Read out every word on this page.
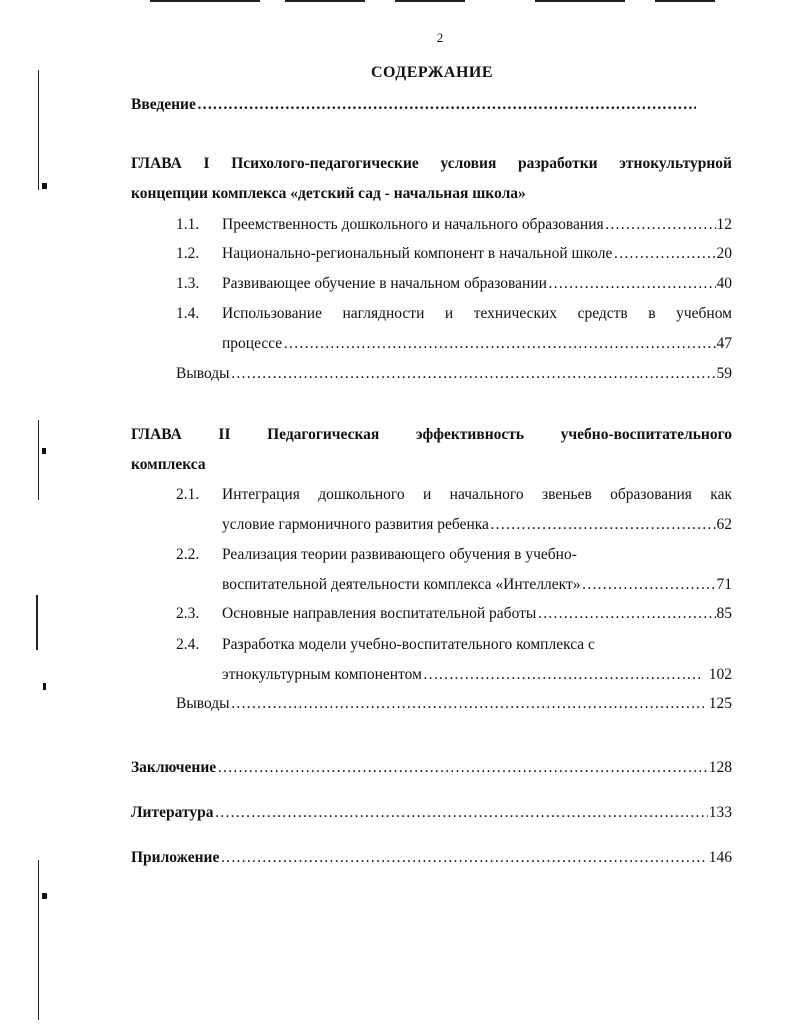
2
СОДЕРЖАНИЕ
Введение
……………………………………………………………………………………………………………………………………………………
ГЛАВА I Психолого-педагогические условия разработки этнокультурной
концепции комплекса «детский сад - начальная школа»
1.1.	Преемственность дошкольного и начального образования ……………………………………………………………………………………………………………………………………………………	12
1.2.	Национально-региональный компонент в начальной школе ……………………………………………………………………………………………………………………………………………………	20
1.3.	Развивающее обучение в начальном образовании ……………………………………………………………………………………………………………………………………………………	40
1.4. Использование наглядности и технических средств в учебном
процессе ……………………………………………………………………………………………………………………………………………………	47
Выводы ……………………………………………………………………………………………………………………………………………………	59
ГЛАВА II Педагогическая эффективность учебно-воспитательного
комплекса
2.1. Интеграция дошкольного и начального звеньев образования как
условие гармоничного развития ребенка ……………………………………………………………………………………………………………………………………………………	62
2.2. Реализация теории развивающего обучения в учебно-
воспитательной деятельности комплекса «Интеллект» ……………………………………………………………………………………………………………………………………………………	71
2.3.	Основные направления воспитательной работы ……………………………………………………………………………………………………………………………………………………	85
2.4. Разработка модели учебно-воспитательного комплекса с
этнокультурным компонентом ……………………………………………………………………………………………………………………………………………………	102
Выводы ……………………………………………………………………………………………………………………………………………………	125
Заключение ……………………………………………………………………………………………………………………………………………………	128
Литература ……………………………………………………………………………………………………………………………………………………	133
Приложение ……………………………………………………………………………………………………………………………………………………	146
